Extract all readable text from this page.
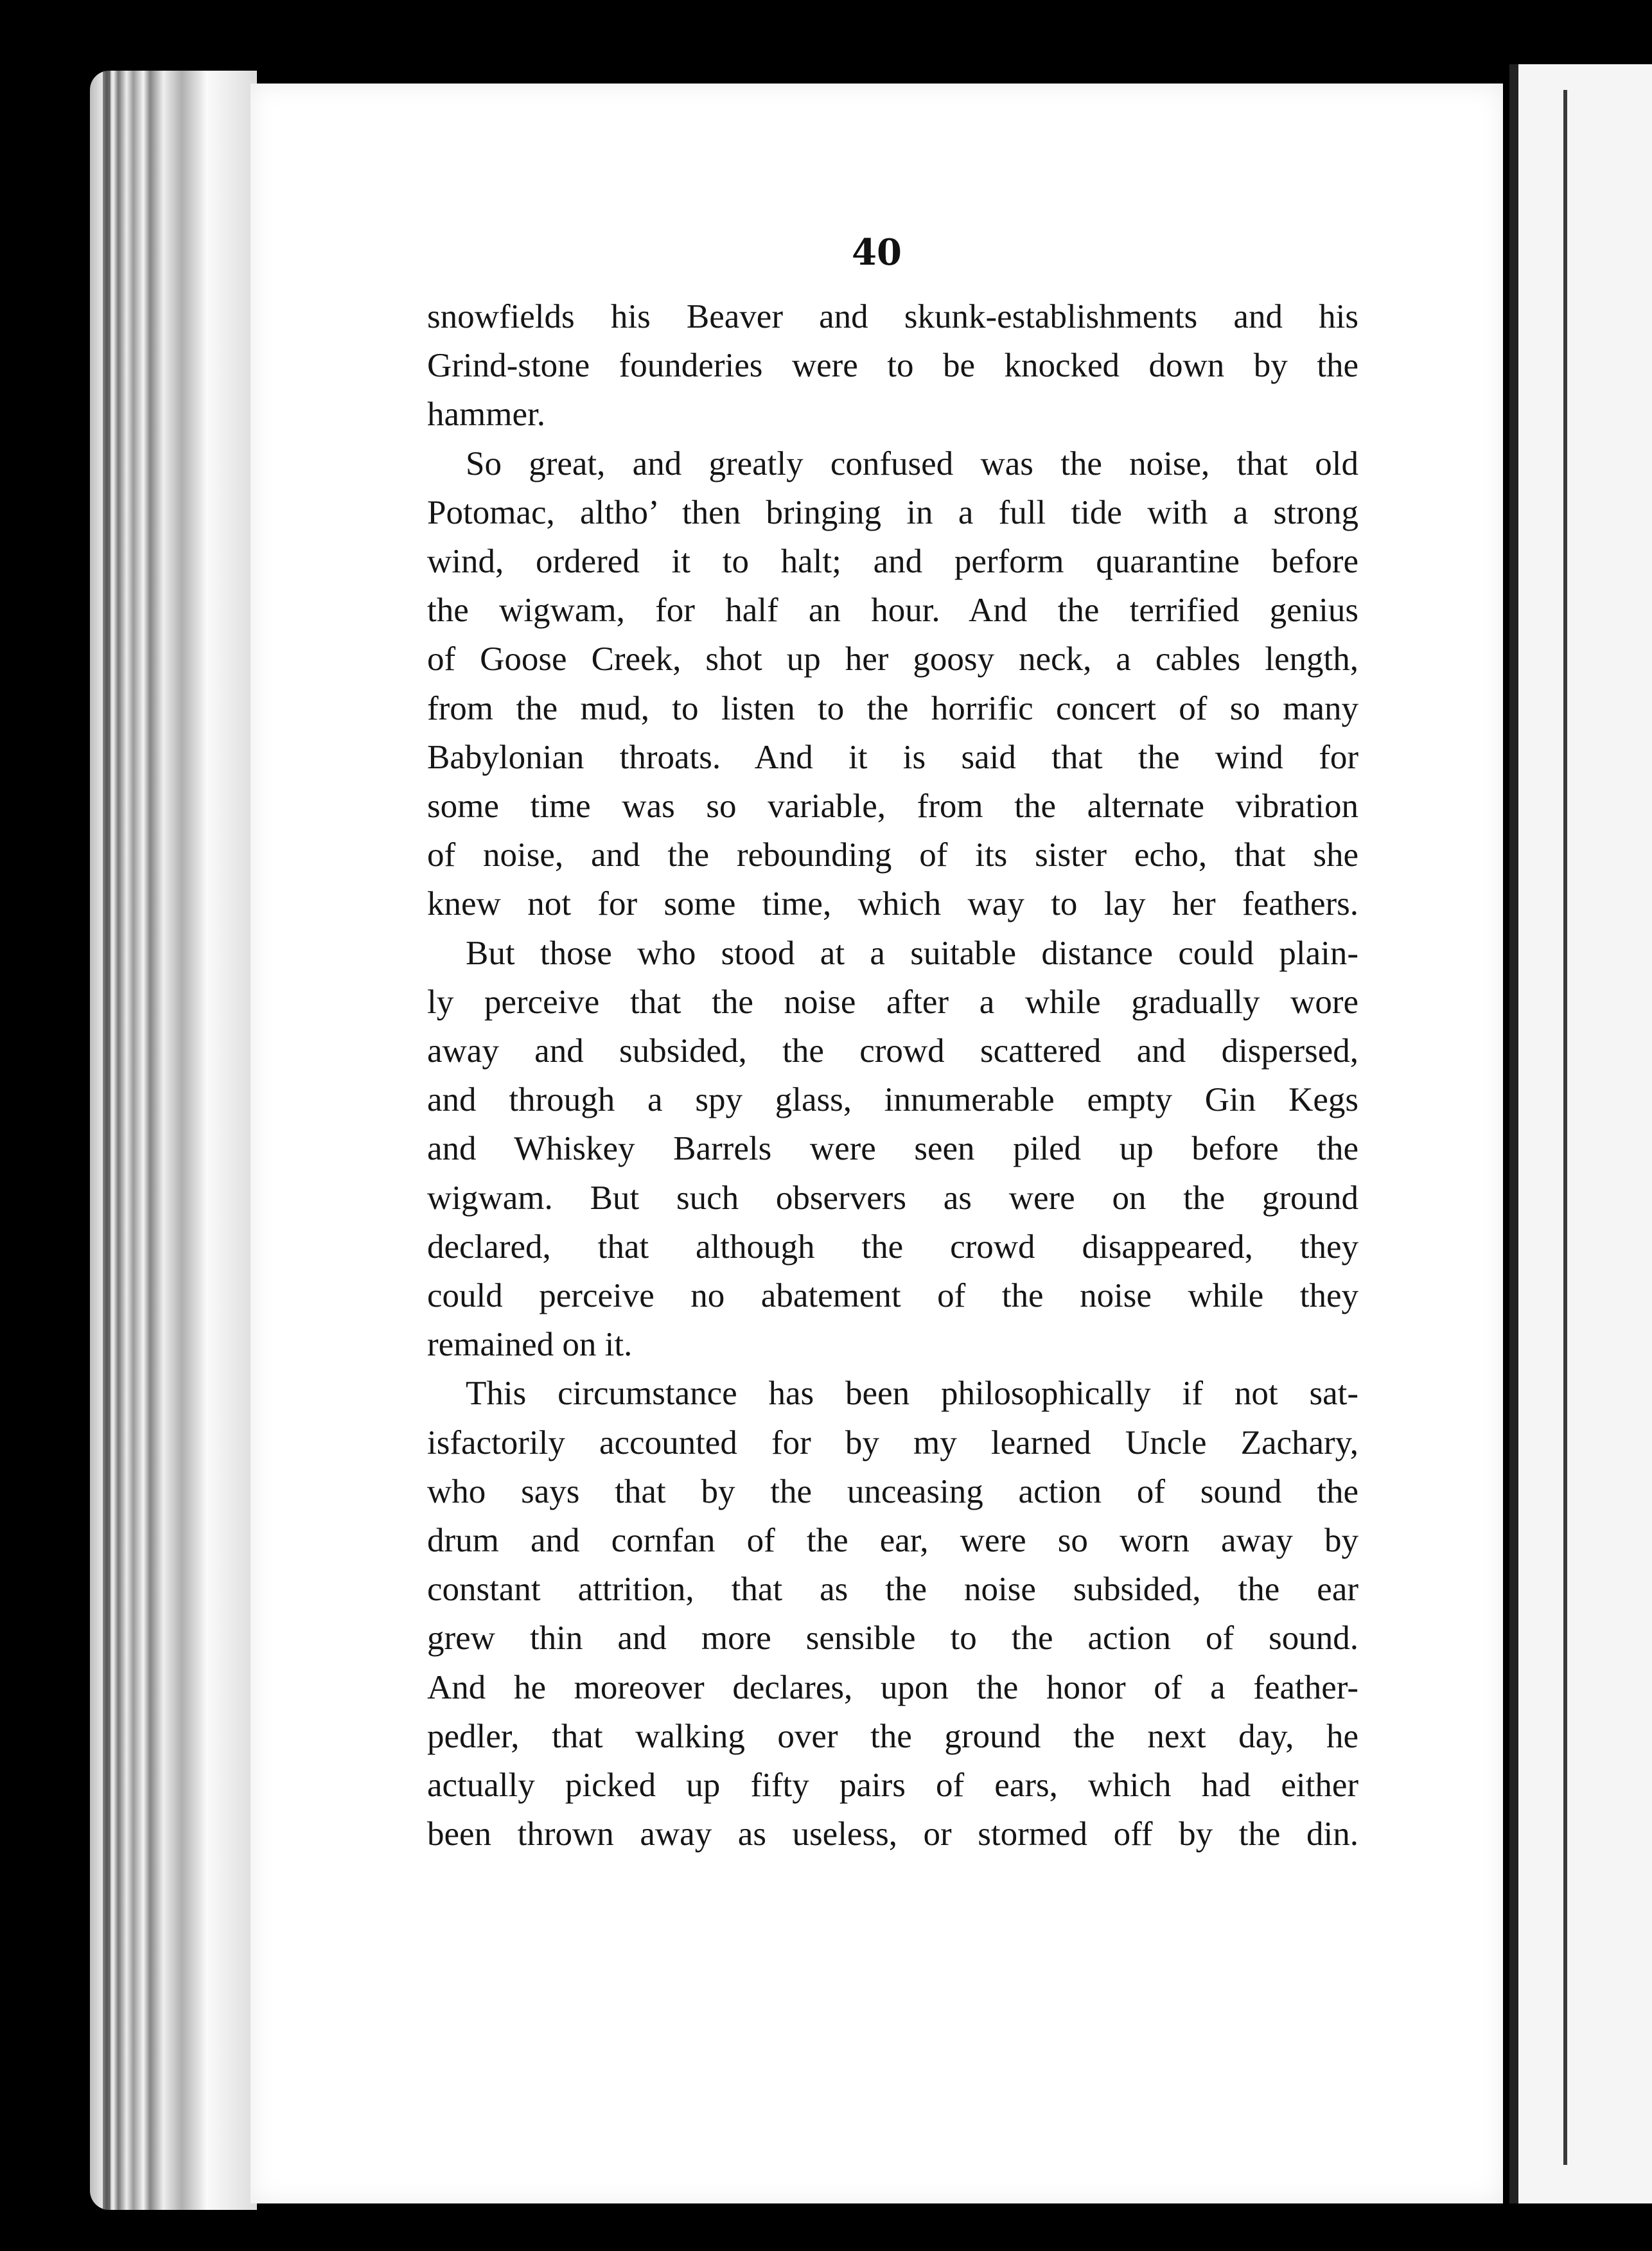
40
snowfields his Beaver and skunk-establishments and his
Grind-stone founderies were to be knocked down by the
hammer.
So great, and greatly confused was the noise, that old
Potomac, altho’ then bringing in a full tide with a strong
wind, ordered it to halt; and perform quarantine before
the wigwam, for half an hour. And the terrified genius
of Goose Creek, shot up her goosy neck, a cables length,
from the mud, to listen to the horrific concert of so many
Babylonian throats. And it is said that the wind for
some time was so variable, from the alternate vibration
of noise, and the rebounding of its sister echo, that she
knew not for some time, which way to lay her feathers.
But those who stood at a suitable distance could plain-
ly perceive that the noise after a while gradually wore
away and subsided, the crowd scattered and dispersed,
and through a spy glass, innumerable empty Gin Kegs
and Whiskey Barrels were seen piled up before the
wigwam. But such observers as were on the ground
declared, that although the crowd disappeared, they
could perceive no abatement of the noise while they
remained on it.
This circumstance has been philosophically if not sat-
isfactorily accounted for by my learned Uncle Zachary,
who says that by the unceasing action of sound the
drum and cornfan of the ear, were so worn away by
constant attrition, that as the noise subsided, the ear
grew thin and more sensible to the action of sound.
And he moreover declares, upon the honor of a feather-
pedler, that walking over the ground the next day, he
actually picked up fifty pairs of ears, which had either
been thrown away as useless, or stormed off by the din.
